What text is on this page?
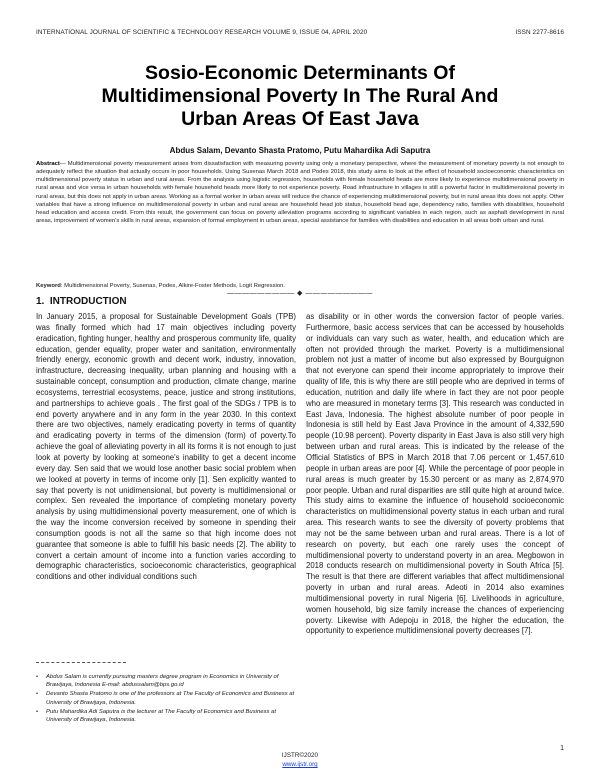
INTERNATIONAL JOURNAL OF SCIENTIFIC & TECHNOLOGY RESEARCH VOLUME 9, ISSUE 04, APRIL 2020	ISSN 2277-8616
Sosio-Economic Determinants Of
Multidimensional Poverty In The Rural And
Urban Areas Of East Java
Abdus Salam, Devanto Shasta Pratomo, Putu Mahardika Adi Saputra
Abstract— Multidimensional poverty measurement arises from dissatisfaction with measuring poverty using only a monetary perspective, where the measurement of monetary poverty is not enough to adequately reflect the situation that actually occurs in poor households. Using Susenas March 2018 and Podes 2018, this study aims to look at the effect of household socioeconomic characteristics on multidimensional poverty status in urban and rural areas. From the analysis using logistic regression, households with female household heads are more likely to experience multidimensional poverty in rural areas and vice versa in urban households with female household heads more likely to not experience poverty. Road infrastructure in villages is still a powerful factor in multidimensional poverty in rural areas, but this does not apply in urban areas. Working as a formal worker in urban areas will reduce the chance of experiencing multidimensional poverty, but in rural areas this does not apply. Other variables that have a strong influence on multidimensional poverty in urban and rural areas are household head job status, household head age, dependency ratio, families with disabilities, household head education and access credit. From this result, the government can focus on poverty alleviation programs according to significant variables in each region, such as asphalt development in rural areas, improvement of women's skills in rural areas, expansion of formal employment in urban areas, special assistance for families with disabilities and education in all areas both urban and rural.
Keyword: Multidimensional Poverty, Susenas, Podes, Alkire-Foster Methods, Logit Regression.
————————— ◆ —————————
1. INTRODUCTION
In January 2015, a proposal for Sustainable Development Goals (TPB) was finally formed which had 17 main objectives including poverty eradication, fighting hunger, healthy and prosperous community life, quality education, gender equality, proper water and sanitation, environmentally friendly energy, economic growth and decent work, industry, innovation, infrastructure, decreasing inequality, urban planning and housing with a sustainable concept, consumption and production, climate change, marine ecosystems, terrestrial ecosystems, peace, justice and strong institutions, and partnerships to achieve goals . The first goal of the SDGs / TPB is to end poverty anywhere and in any form in the year 2030. In this context there are two objectives, namely eradicating poverty in terms of quantity and eradicating poverty in terms of the dimension (form) of poverty.To achieve the goal of alleviating poverty in all its forms it is not enough to just look at poverty by looking at someone's inability to get a decent income every day. Sen said that we would lose another basic social problem when we looked at poverty in terms of income only [1]. Sen explicitly wanted to say that poverty is not unidimensional, but poverty is multidimensional or complex. Sen revealed the importance of completing monetary poverty analysis by using multidimensional poverty measurement, one of which is the way the income conversion received by someone in spending their consumption goods is not all the same so that high income does not guarantee that someone is able to fulfill his basic needs [2]. The ability to convert a certain amount of income into a function varies according to demographic characteristics, socioeconomic characteristics, geographical conditions and other individual conditions such
as disability or in other words the conversion factor of people varies. Furthermore, basic access services that can be accessed by households or individuals can vary such as water, health, and education which are often not provided through the market. Poverty is a multidimensional problem not just a matter of income but also expressed by Bourguignon that not everyone can spend their income appropriately to improve their quality of life, this is why there are still people who are deprived in terms of education, nutrition and daily life where in fact they are not poor people who are measured in monetary terms [3]. This research was conducted in East Java, Indonesia. The highest absolute number of poor people in Indonesia is still held by East Java Province in the amount of 4,332,590 people (10.98 percent). Poverty disparity in East Java is also still very high between urban and rural areas. This is indicated by the release of the Official Statistics of BPS in March 2018 that 7.06 percent or 1,457,610 people in urban areas are poor [4]. While the percentage of poor people in rural areas is much greater by 15.30 percent or as many as 2,874,970 poor people. Urban and rural disparities are still quite high at around twice. This study aims to examine the influence of household socioeconomic characteristics on multidimensional poverty status in each urban and rural area. This research wants to see the diversity of poverty problems that may not be the same between urban and rural areas. There is a lot of research on poverty, but each one rarely uses the concept of multidimensional poverty to understand poverty in an area. Megbowon in 2018 conducts research on multidimensional poverty in South Africa [5]. The result is that there are different variables that affect multidimensional poverty in urban and rural areas. Adeoti in 2014 also examines multidimensional poverty in rural Nigeria [6]. Livelihoods in agriculture, women household, big size family increase the chances of experiencing poverty. Likewise with Adepoju in 2018, the higher the education, the opportunity to experience multidimensional poverty decreases [7].
• Abdus Salam is currently pursuing masters degree program in Economics in University of Brawijaya, Indonesia E-mail: abdussalam@bps.go.id
• Devanto Shasta Pratomo is one of the professors at The Faculty of Economics and Business at University of Brawijaya, Indonesia.
• Putu Mahardika Adi Saputra is the lecturer at The Faculty of Economics and Business at University of Brawijaya, Indonesia.
1
IJSTR©2020
www.ijstr.org
